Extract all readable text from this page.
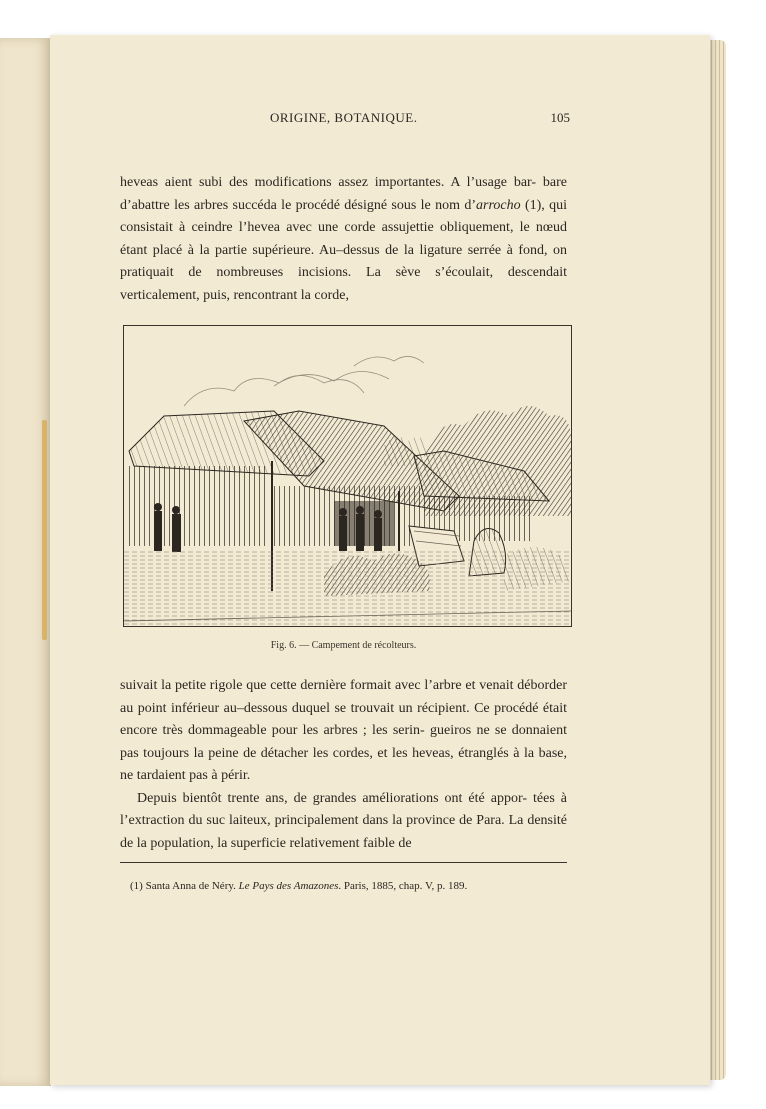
ORIGINE, BOTANIQUE.	105

heveas aient subi des modifications assez importantes. A l’usage bar- bare d’abattre les arbres succéda le procédé désigné sous le nom d’arrocho (1), qui consistait à ceindre l’hevea avec une corde assujettie obliquement, le nœud étant placé à la partie supérieure. Au–dessus de la ligature serrée à fond, on pratiquait de nombreuses incisions. La sève s’écoulait, descendait verticalement, puis, rencontrant la corde,

Fig. 6. — Campement de récolteurs.

suivait la petite rigole que cette dernière formait avec l’arbre et venait déborder au point inférieur au–dessous duquel se trouvait un récipient. Ce procédé était encore très dommageable pour les arbres ; les serin- gueiros ne se donnaient pas toujours la peine de détacher les cordes, et les heveas, étranglés à la base, ne tardaient pas à périr.

Depuis bientôt trente ans, de grandes améliorations ont été appor- tées à l’extraction du suc laiteux, principalement dans la province de Para. La densité de la population, la superficie relativement faible de

(1) Santa Anna de Néry. Le Pays des Amazones. Paris, 1885, chap. V, p. 189.
